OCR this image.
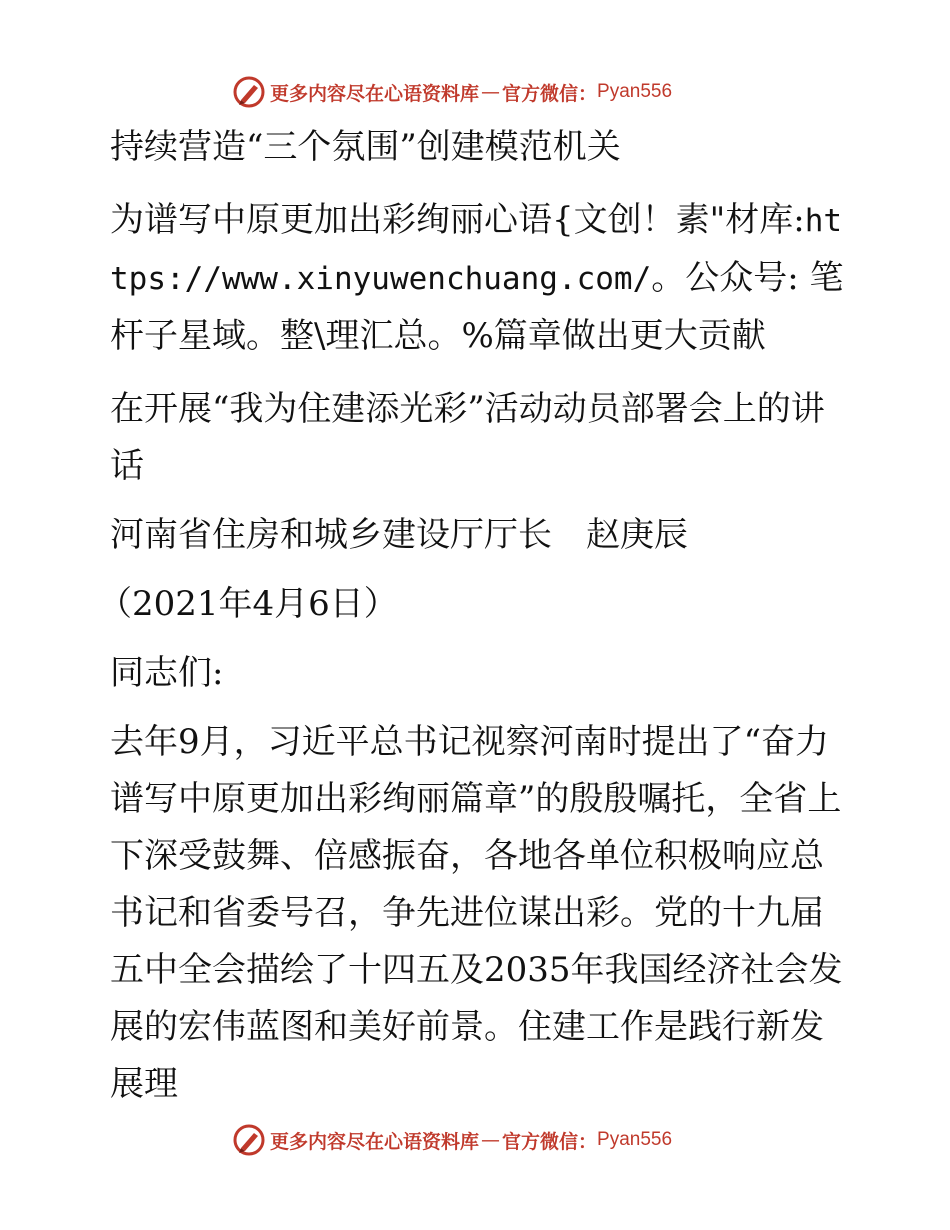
更多内容尽在心语资料库 — 官方微信： Pyan556

持续营造“三个氛围”创建模范机关

为谱写中原更加出彩绚丽心语{文创！素"材库:https://www.xinyuwenchuang.com/。公众号: 笔杆子星域。整\理汇总。%篇章做出更大贡献

在开展“我为住建添光彩”活动动员部署会上的讲话

河南省住房和城乡建设厅厅长　赵庚辰

（2021年4月6日）

同志们:

去年9月，习近平总书记视察河南时提出了“奋力谱写中原更加出彩绚丽篇章”的殷殷嘱托，全省上下深受鼓舞、倍感振奋，各地各单位积极响应总书记和省委号召，争先进位谋出彩。党的十九届五中全会描绘了十四五及2035年我国经济社会发展的宏伟蓝图和美好前景。住建工作是践行新发展理

更多内容尽在心语资料库 — 官方微信： Pyan556
